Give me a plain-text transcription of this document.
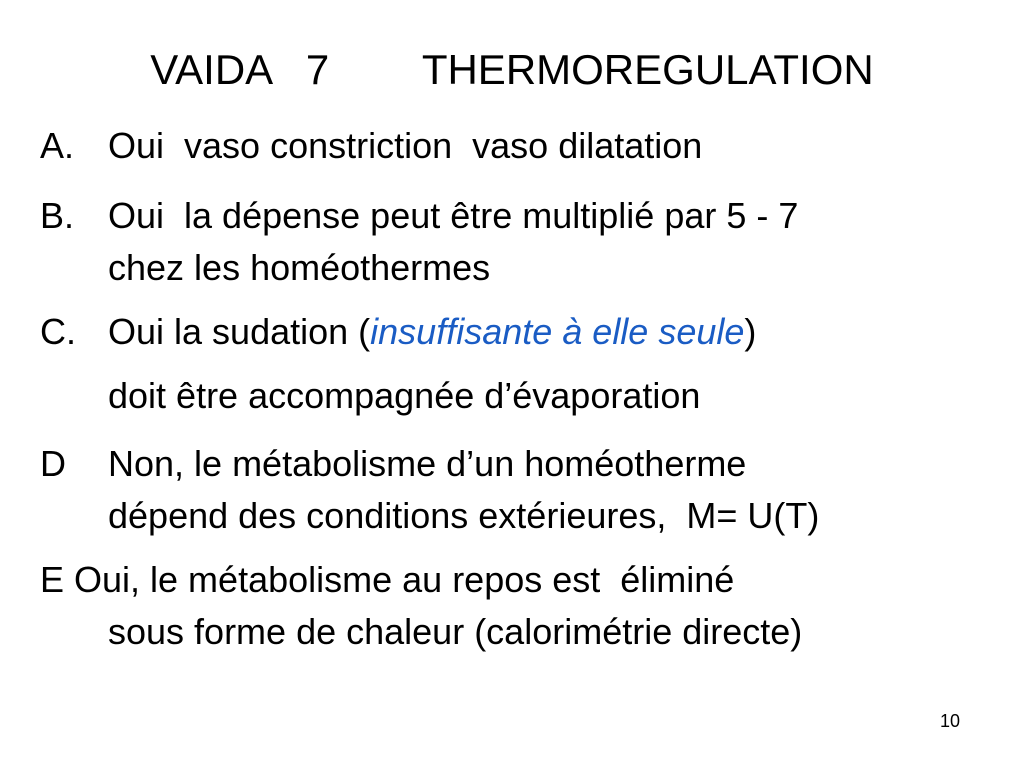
VAIDA   7        THERMOREGULATION
A. Oui  vaso constriction  vaso dilatation
B. Oui  la dépense peut être multiplié par 5 - 7
chez les homéothermes
C. Oui la sudation (insuffisante à elle seule)
doit être accompagnée d’évaporation
D Non, le métabolisme d’un homéotherme
dépend des conditions extérieures,  M= U(T)
E Oui, le métabolisme au repos est  éliminé
sous forme de chaleur (calorimétrie directe)
10
